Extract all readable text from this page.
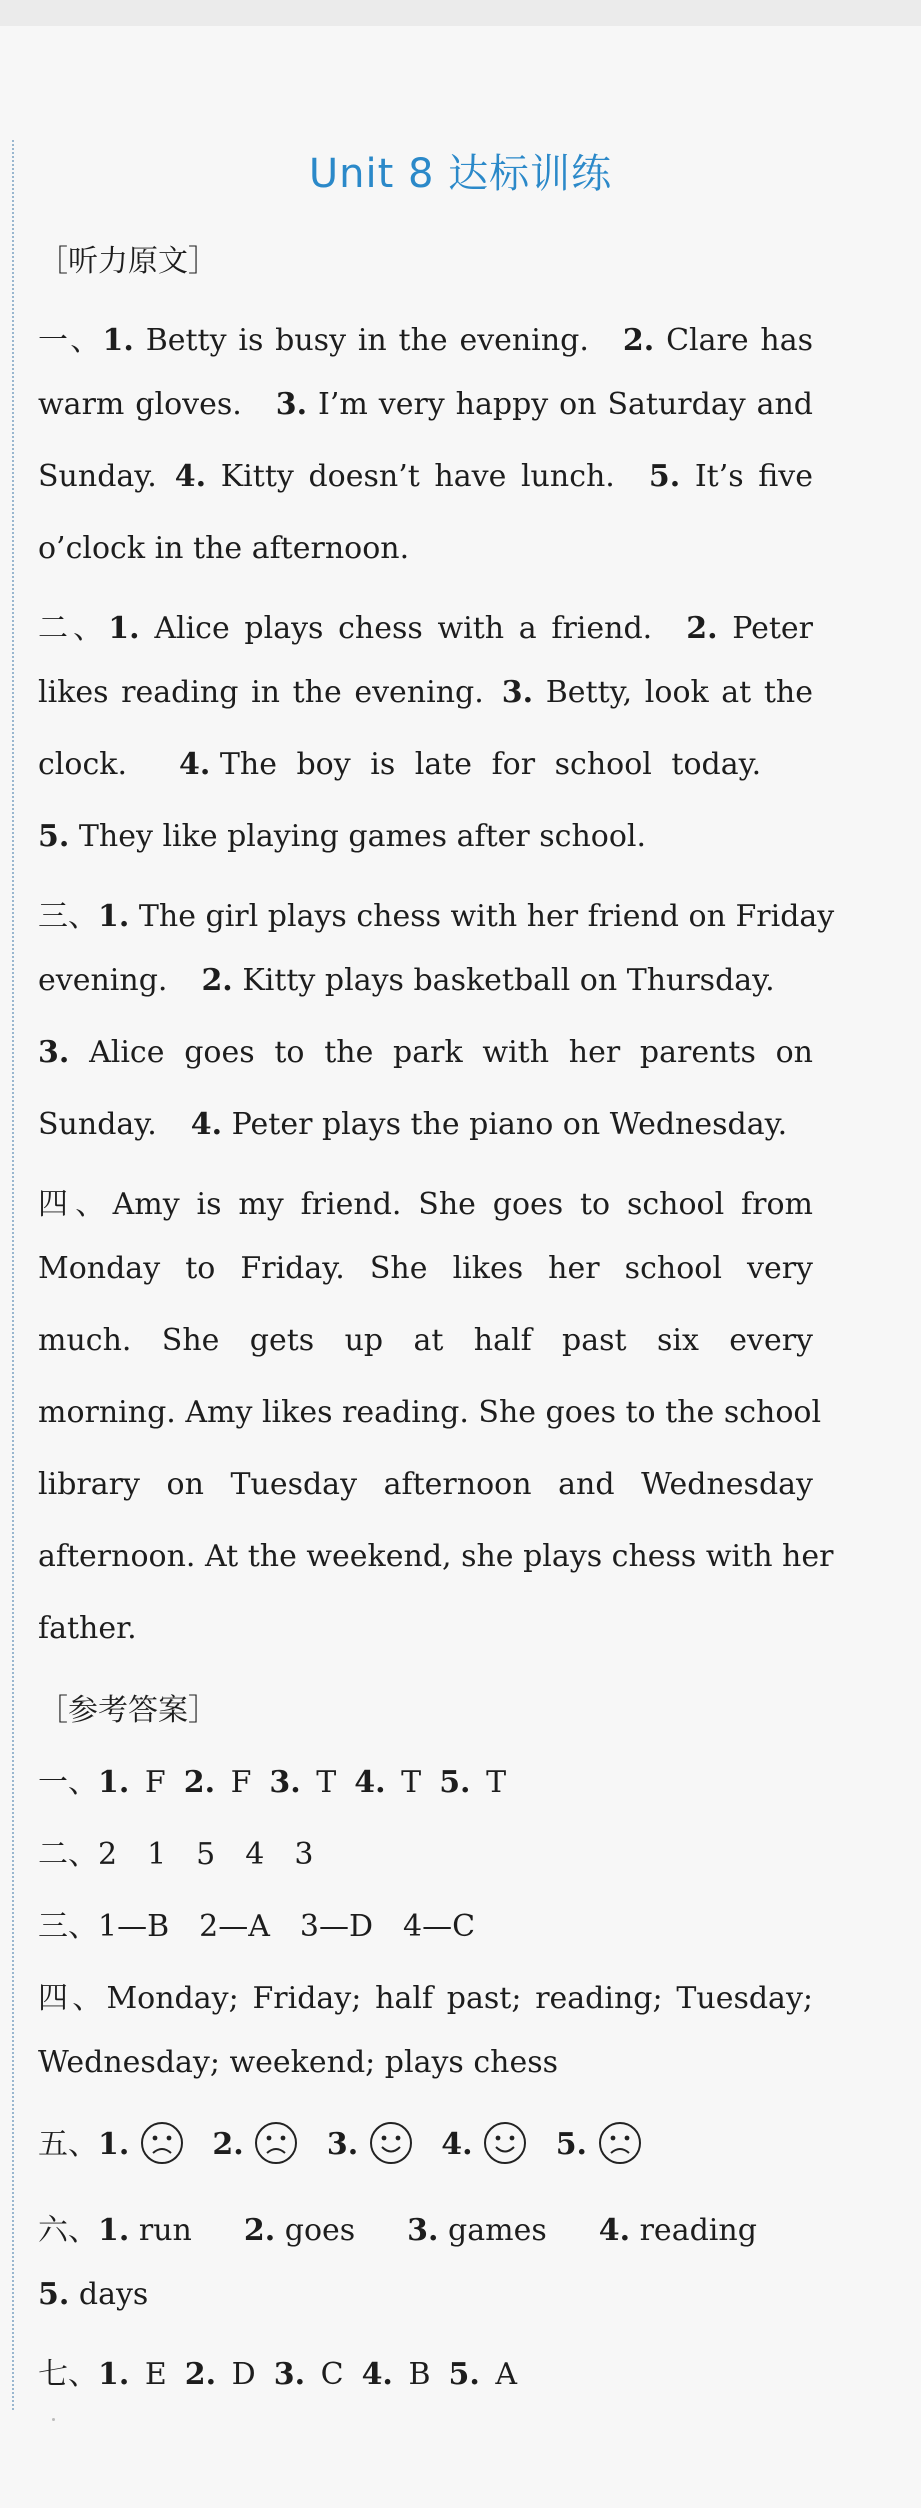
Unit 8 达标训练
［听力原文］
一、1. Betty is busy in the evening. 2. Clare has
warm gloves. 3. I’m very happy on Saturday and
Sunday. 4. Kitty doesn’t have lunch. 5. It’s five
o’clock in the afternoon.
二、1. Alice plays chess with a friend. 2. Peter
likes reading in the evening. 3. Betty, look at the
clock. 4. The boy is late for school today.
5. They like playing games after school.
三、1. The girl plays chess with her friend on Friday
evening. 2. Kitty plays basketball on Thursday.
3. Alice goes to the park with her parents on
Sunday. 4. Peter plays the piano on Wednesday.
四、Amy is my friend. She goes to school from
Monday to Friday. She likes her school very
much. She gets up at half past six every
morning. Amy likes reading. She goes to the school
library on Tuesday afternoon and Wednesday
afternoon. At the weekend, she plays chess with her
father.
［参考答案］
一、1. F 2. F 3. T 4. T 5. T
二、2　1　5　4　3
三、1—B　2—A　3—D　4—C
四、Monday; Friday; half past; reading; Tuesday;
Wednesday; weekend; plays chess
五、1.	2.	3.	4.	5.
六、1. run 2. goes 3. games 4. reading
5. days
七、1. E 2. D 3. C 4. B 5. A
